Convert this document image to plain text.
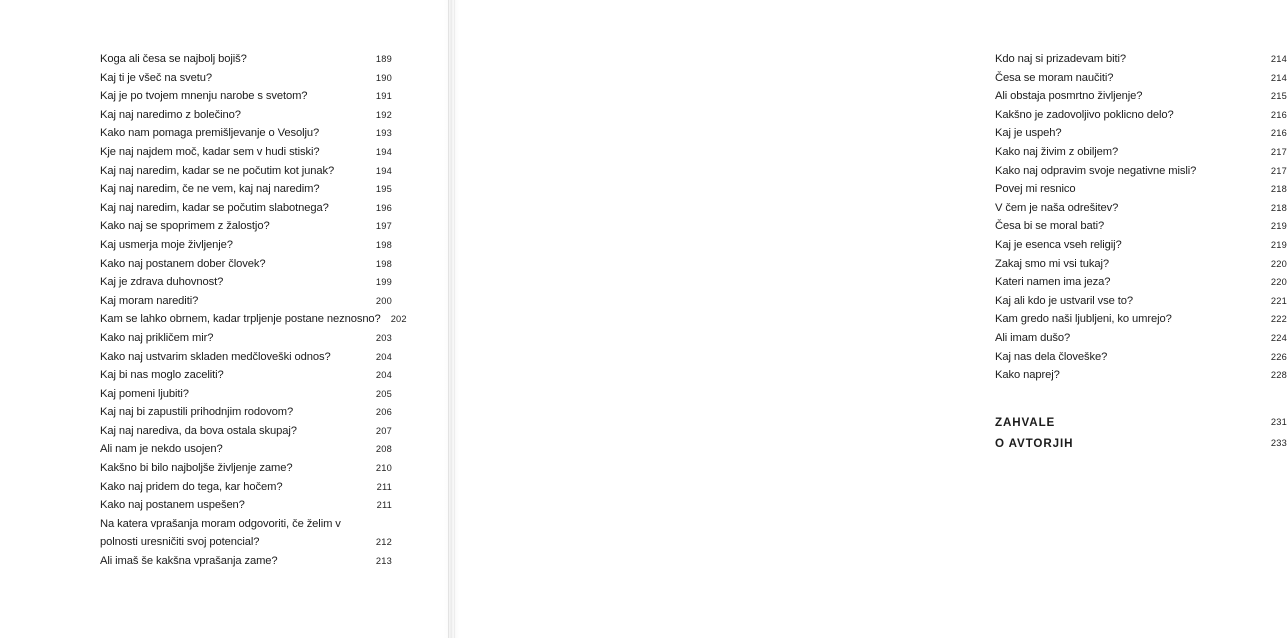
Koga ali česa se najbolj bojiš?	189
Kaj ti je všeč na svetu?	190
Kaj je po tvojem mnenju narobe s svetom?	191
Kaj naj naredimo z bolečino?	192
Kako nam pomaga premišljevanje o Vesolju?	193
Kje naj najdem moč, kadar sem v hudi stiski?	194
Kaj naj naredim, kadar se ne počutim kot junak?	194
Kaj naj naredim, če ne vem, kaj naj naredim?	195
Kaj naj naredim, kadar se počutim slabotnega?	196
Kako naj se spoprimem z žalostjo?	197
Kaj usmerja moje življenje?	198
Kako naj postanem dober človek?	198
Kaj je zdrava duhovnost?	199
Kaj moram narediti?	200
Kam se lahko obrnem, kadar trpljenje postane neznosno?	202
Kako naj prikličem mir?	203
Kako naj ustvarim skladen medčloveški odnos?	204
Kaj bi nas moglo zaceliti?	204
Kaj pomeni ljubiti?	205
Kaj naj bi zapustili prihodnjim rodovom?	206
Kaj naj narediva, da bova ostala skupaj?	207
Ali nam je nekdo usojen?	208
Kakšno bi bilo najboljše življenje zame?	210
Kako naj pridem do tega, kar hočem?	211
Kako naj postanem uspešen?	211
Na katera vprašanja moram odgovoriti, če želim v polnosti uresničiti svoj potencial?	212
Ali imaš še kakšna vprašanja zame?	213
Kdo naj si prizadevam biti?	214
Česa se moram naučiti?	214
Ali obstaja posmrtno življenje?	215
Kakšno je zadovoljivo poklicno delo?	216
Kaj je uspeh?	216
Kako naj živim z obiljem?	217
Kako naj odpravim svoje negativne misli?	217
Povej mi resnico	218
V čem je naša odrešitev?	218
Česa bi se moral bati?	219
Kaj je esenca vseh religij?	219
Zakaj smo mi vsi tukaj?	220
Kateri namen ima jeza?	220
Kaj ali kdo je ustvaril vse to?	221
Kam gredo naši ljubljeni, ko umrejo?	222
Ali imam dušo?	224
Kaj nas dela človeške?	226
Kako naprej?	228
ZAHVALE	231
O AVTORJIH	233
